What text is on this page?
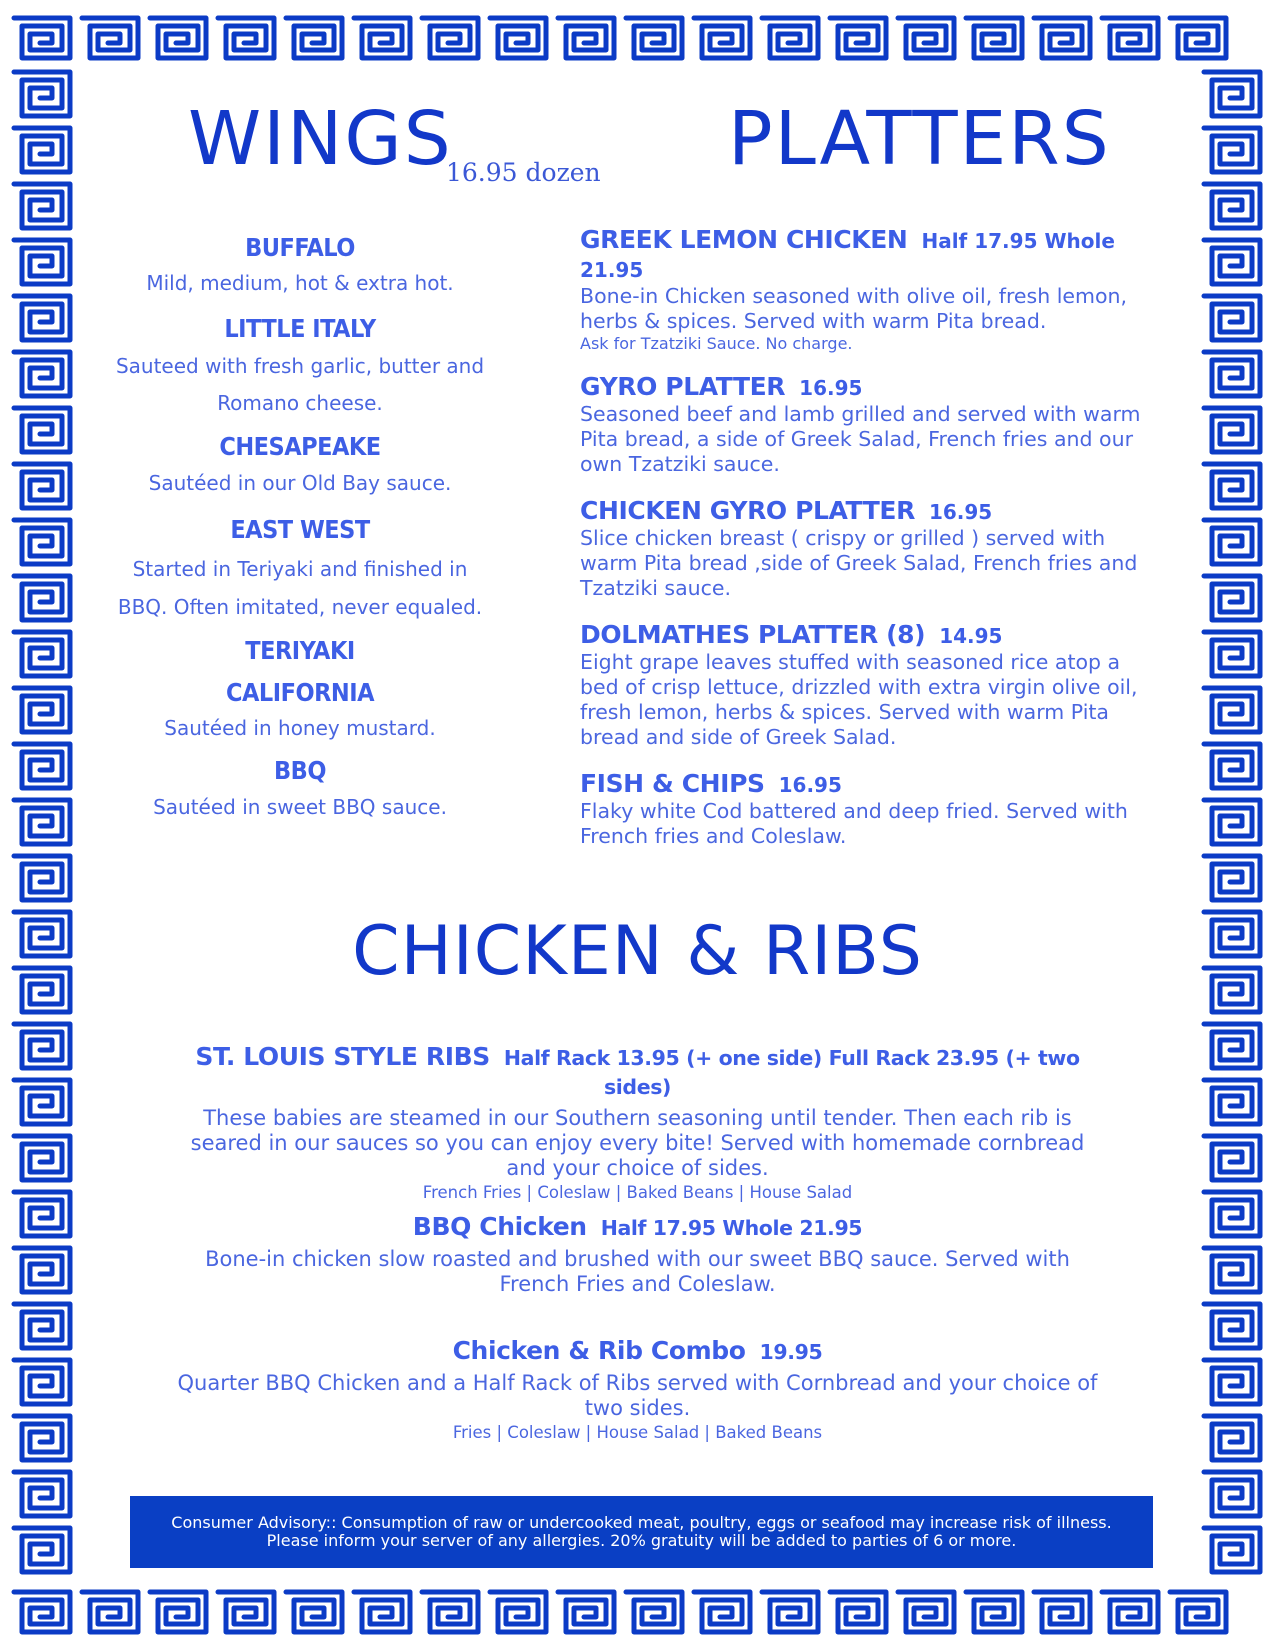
WINGS
16.95 dozen
BUFFALO
Mild, medium, hot & extra hot.
LITTLE ITALY
Sauteed with fresh garlic, butter and Romano cheese.
CHESAPEAKE
Sautéed in our Old Bay sauce.
EAST WEST
Started in Teriyaki and finished in BBQ. Often imitated, never equaled.
TERIYAKI
CALIFORNIA
Sautéed in honey mustard.
BBQ
Sautéed in sweet BBQ sauce.
PLATTERS
GREEK LEMON CHICKEN Half 17.95 Whole 21.95
Bone-in Chicken seasoned with olive oil, fresh lemon, herbs & spices. Served with warm Pita bread.
Ask for Tzatziki Sauce. No charge.
GYRO PLATTER 16.95
Seasoned beef and lamb grilled and served with warm Pita bread, a side of Greek Salad, French fries and our own Tzatziki sauce.
CHICKEN GYRO PLATTER 16.95
Slice chicken breast ( crispy or grilled ) served with warm Pita bread ,side of Greek Salad, French fries and Tzatziki sauce.
DOLMATHES PLATTER (8) 14.95
Eight grape leaves stuffed with seasoned rice atop a bed of crisp lettuce, drizzled with extra virgin olive oil, fresh lemon, herbs & spices. Served with warm Pita bread and side of Greek Salad.
FISH & CHIPS 16.95
Flaky white Cod battered and deep fried. Served with French fries and Coleslaw.
CHICKEN & RIBS
ST. LOUIS STYLE RIBS Half Rack 13.95 (+ one side) Full Rack 23.95 (+ two sides)
These babies are steamed in our Southern seasoning until tender. Then each rib is seared in our sauces so you can enjoy every bite! Served with homemade cornbread and your choice of sides.
French Fries | Coleslaw | Baked Beans | House Salad
BBQ Chicken Half 17.95 Whole 21.95
Bone-in chicken slow roasted and brushed with our sweet BBQ sauce. Served with French Fries and Coleslaw.
Chicken & Rib Combo 19.95
Quarter BBQ Chicken and a Half Rack of Ribs served with Cornbread and your choice of two sides.
Fries | Coleslaw | House Salad | Baked Beans
Consumer Advisory:: Consumption of raw or undercooked meat, poultry, eggs or seafood may increase risk of illness. Please inform your server of any allergies. 20% gratuity will be added to parties of 6 or more.
